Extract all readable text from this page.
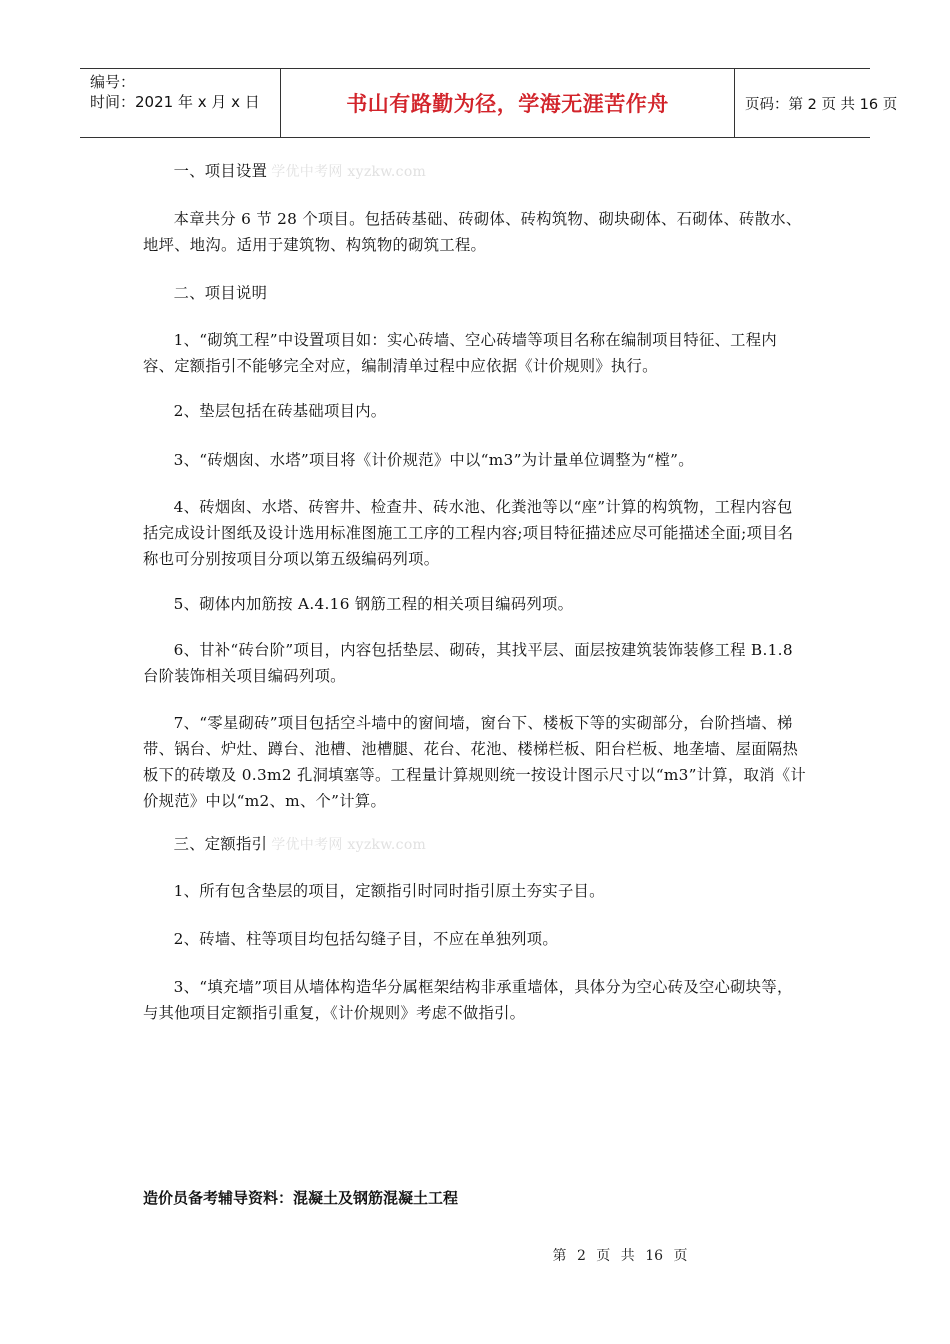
编号：
时间：2021 年 x 月 x 日	书山有路勤为径，学海无涯苦作舟	页码：第 2 页 共 16 页

一、项目设置 学优中考网 xyzkw.com

本章共分 6 节 28 个项目。包括砖基础、砖砌体、砖构筑物、砌块砌体、石砌体、砖散水、地坪、地沟。适用于建筑物、构筑物的砌筑工程。

二、项目说明

1、“砌筑工程”中设置项目如：实心砖墙、空心砖墙等项目名称在编制项目特征、工程内容、定额指引不能够完全对应，编制清单过程中应依据《计价规则》执行。

2、垫层包括在砖基础项目内。

3、“砖烟囱、水塔”项目将《计价规范》中以“m3”为计量单位调整为“樘”。

4、砖烟囱、水塔、砖窖井、检查井、砖水池、化粪池等以“座”计算的构筑物，工程内容包括完成设计图纸及设计选用标准图施工工序的工程内容;项目特征描述应尽可能描述全面;项目名称也可分别按项目分项以第五级编码列项。

5、砌体内加筋按 A.4.16 钢筋工程的相关项目编码列项。

6、甘补“砖台阶”项目，内容包括垫层、砌砖，其找平层、面层按建筑装饰装修工程 B.1.8 台阶装饰相关项目编码列项。

7、“零星砌砖”项目包括空斗墙中的窗间墙，窗台下、楼板下等的实砌部分，台阶挡墙、梯带、锅台、炉灶、蹲台、池槽、池槽腿、花台、花池、楼梯栏板、阳台栏板、地垄墙、屋面隔热板下的砖墩及 0.3m2 孔洞填塞等。工程量计算规则统一按设计图示尺寸以“m3”计算，取消《计价规范》中以“m2、m、个”计算。

三、定额指引 学优中考网 xyzkw.com

1、所有包含垫层的项目，定额指引时同时指引原土夯实子目。

2、砖墙、柱等项目均包括勾缝子目，不应在单独列项。

3、“填充墙”项目从墙体构造华分属框架结构非承重墙体，具体分为空心砖及空心砌块等，与其他项目定额指引重复，《计价规则》考虑不做指引。

造价员备考辅导资料：混凝土及钢筋混凝土工程
第 2 页 共 16 页
